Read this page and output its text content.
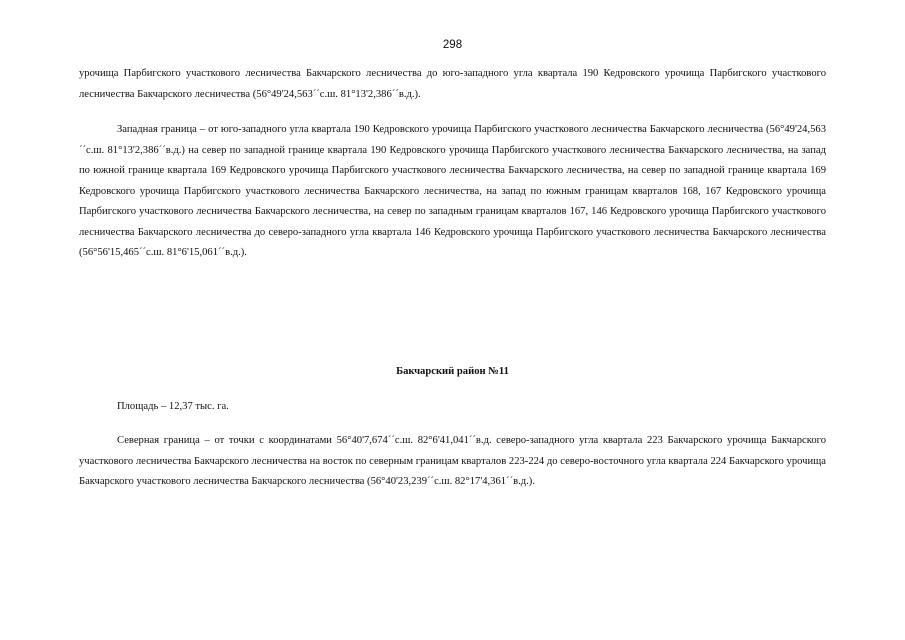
298

урочища Парбигского участкового лесничества Бакчарского лесничества до юго-западного угла квартала 190 Кедровского урочища Парбигского участкового лесничества Бакчарского лесничества (56°49'24,563´´с.ш. 81°13'2,386´´в.д.).

Западная граница – от юго-западного угла квартала 190 Кедровского урочища Парбигского участкового лесничества Бакчарского лесничества (56°49'24,563´´с.ш. 81°13'2,386´´в.д.) на север по западной границе квартала 190 Кедровского урочища Парбигского участкового лесничества Бакчарского лесничества, на запад по южной границе квартала 169 Кедровского урочища Парбигского участкового лесничества Бакчарского лесничества, на север по западной границе квартала 169 Кедровского урочища Парбигского участкового лесничества Бакчарского лесничества, на запад по южным границам кварталов 168, 167 Кедровского урочища Парбигского участкового лесничества Бакчарского лесничества, на север по западным границам кварталов 167, 146 Кедровского урочища Парбигского участкового лесничества Бакчарского лесничества до северо-западного угла квартала 146 Кедровского урочища Парбигского участкового лесничества Бакчарского лесничества (56°56'15,465´´с.ш. 81°6'15,061´´в.д.).

Бакчарский район №11

Площадь – 12,37 тыс. га.

Северная граница – от точки с координатами 56°40'7,674´´с.ш. 82°6'41,041´´в.д. северо-западного угла квартала 223 Бакчарского урочища Бакчарского участкового лесничества Бакчарского лесничества на восток по северным границам кварталов 223-224 до северо-восточного угла квартала 224 Бакчарского урочища Бакчарского участкового лесничества Бакчарского лесничества (56°40'23,239´´с.ш. 82°17'4,361´´в.д.).
